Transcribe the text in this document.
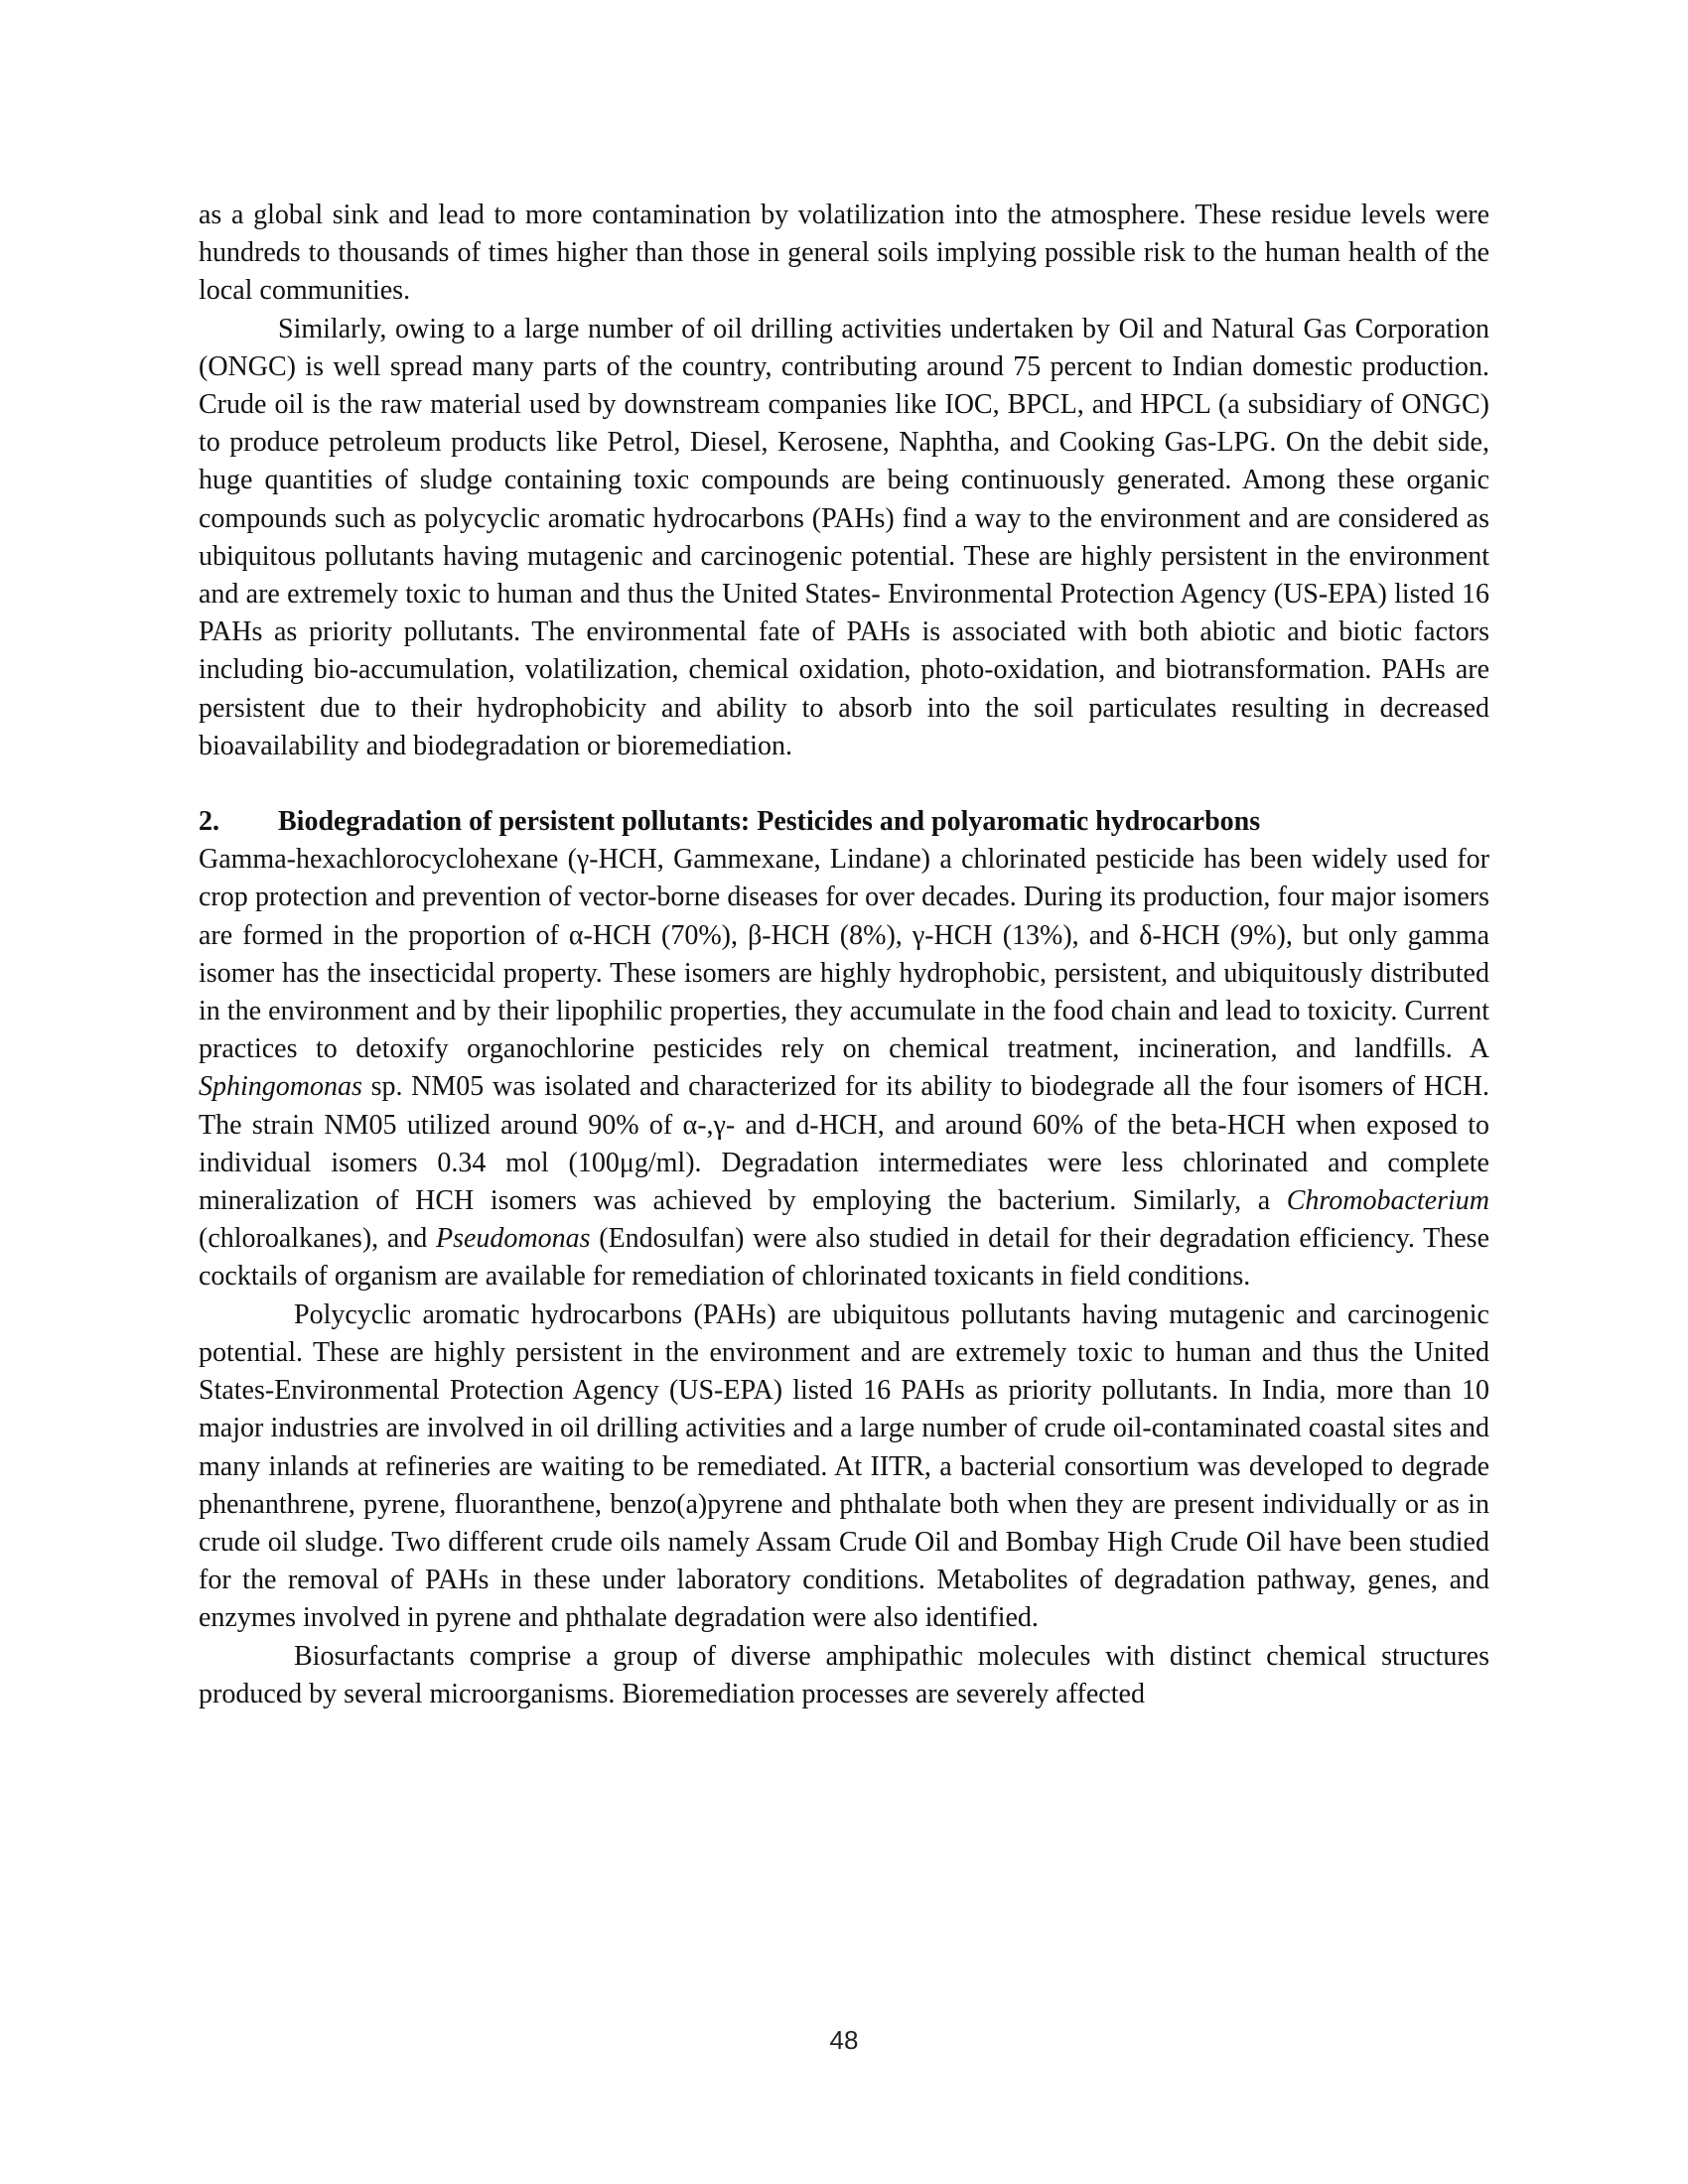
as a global sink and lead to more contamination by volatilization into the atmosphere. These residue levels were hundreds to thousands of times higher than those in general soils implying possible risk to the human health of the local communities.

Similarly, owing to a large number of oil drilling activities undertaken by Oil and Natural Gas Corporation (ONGC) is well spread many parts of the country, contributing around 75 percent to Indian domestic production. Crude oil is the raw material used by downstream companies like IOC, BPCL, and HPCL (a subsidiary of ONGC) to produce petroleum products like Petrol, Diesel, Kerosene, Naphtha, and Cooking Gas-LPG. On the debit side, huge quantities of sludge containing toxic compounds are being continuously generated. Among these organic compounds such as polycyclic aromatic hydrocarbons (PAHs) find a way to the environment and are considered as ubiquitous pollutants having mutagenic and carcinogenic potential. These are highly persistent in the environment and are extremely toxic to human and thus the United States- Environmental Protection Agency (US-EPA) listed 16 PAHs as priority pollutants. The environmental fate of PAHs is associated with both abiotic and biotic factors including bio-accumulation, volatilization, chemical oxidation, photo-oxidation, and biotransformation. PAHs are persistent due to their hydrophobicity and ability to absorb into the soil particulates resulting in decreased bioavailability and biodegradation or bioremediation.

2. Biodegradation of persistent pollutants: Pesticides and polyaromatic hydrocarbons

Gamma-hexachlorocyclohexane (γ-HCH, Gammexane, Lindane) a chlorinated pesticide has been widely used for crop protection and prevention of vector-borne diseases for over decades. During its production, four major isomers are formed in the proportion of α-HCH (70%), β-HCH (8%), γ-HCH (13%), and δ-HCH (9%), but only gamma isomer has the insecticidal property. These isomers are highly hydrophobic, persistent, and ubiquitously distributed in the environment and by their lipophilic properties, they accumulate in the food chain and lead to toxicity. Current practices to detoxify organochlorine pesticides rely on chemical treatment, incineration, and landfills. A Sphingomonas sp. NM05 was isolated and characterized for its ability to biodegrade all the four isomers of HCH. The strain NM05 utilized around 90% of α-,γ- and d-HCH, and around 60% of the beta-HCH when exposed to individual isomers 0.34 mol (100μg/ml). Degradation intermediates were less chlorinated and complete mineralization of HCH isomers was achieved by employing the bacterium. Similarly, a Chromobacterium (chloroalkanes), and Pseudomonas (Endosulfan) were also studied in detail for their degradation efficiency. These cocktails of organism are available for remediation of chlorinated toxicants in field conditions.

Polycyclic aromatic hydrocarbons (PAHs) are ubiquitous pollutants having mutagenic and carcinogenic potential. These are highly persistent in the environment and are extremely toxic to human and thus the United States-Environmental Protection Agency (US-EPA) listed 16 PAHs as priority pollutants. In India, more than 10 major industries are involved in oil drilling activities and a large number of crude oil-contaminated coastal sites and many inlands at refineries are waiting to be remediated. At IITR, a bacterial consortium was developed to degrade phenanthrene, pyrene, fluoranthene, benzo(a)pyrene and phthalate both when they are present individually or as in crude oil sludge. Two different crude oils namely Assam Crude Oil and Bombay High Crude Oil have been studied for the removal of PAHs in these under laboratory conditions. Metabolites of degradation pathway, genes, and enzymes involved in pyrene and phthalate degradation were also identified.

Biosurfactants comprise a group of diverse amphipathic molecules with distinct chemical structures produced by several microorganisms. Bioremediation processes are severely affected

48
